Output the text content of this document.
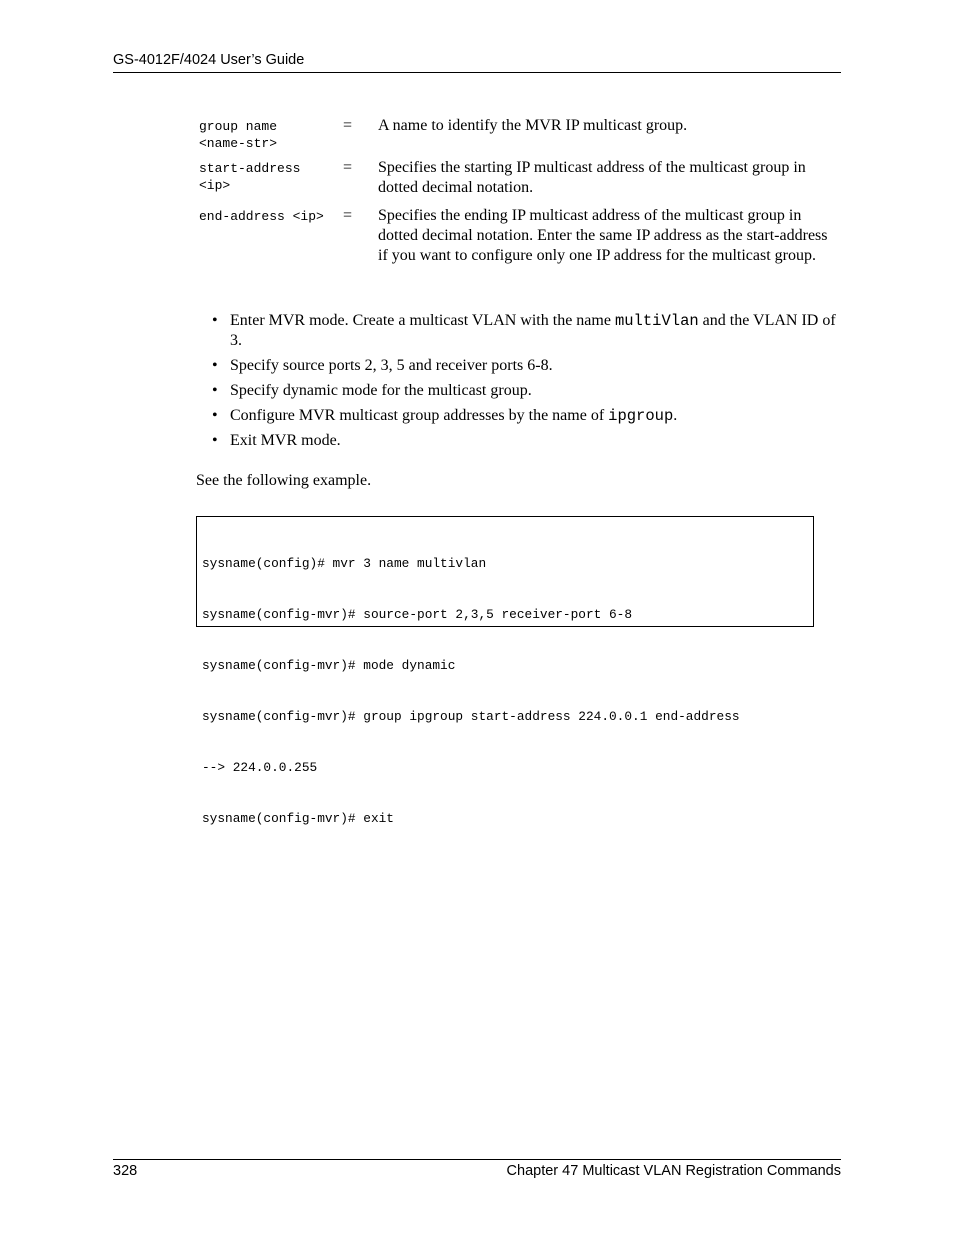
GS-4012F/4024 User’s Guide
group name
<name-str>
=	A name to identify the MVR IP multicast group.
start-address
<ip>
=	Specifies the starting IP multicast address of the multicast group in dotted decimal notation.
end-address <ip>	=	Specifies the ending IP multicast address of the multicast group in dotted decimal notation. Enter the same IP address as the start-address if you want to configure only one IP address for the multicast group.
• Enter MVR mode. Create a multicast VLAN with the name multiVlan and the VLAN ID of 3.
• Specify source ports 2, 3, 5 and receiver ports 6-8.
• Specify dynamic mode for the multicast group.
• Configure MVR multicast group addresses by the name of ipgroup.
• Exit MVR mode.
See the following example.

sysname(config)# mvr 3 name multivlan

sysname(config-mvr)# source-port 2,3,5 receiver-port 6-8

sysname(config-mvr)# mode dynamic

sysname(config-mvr)# group ipgroup start-address 224.0.0.1 end-address

--> 224.0.0.255

sysname(config-mvr)# exit

328	Chapter 47 Multicast VLAN Registration Commands
